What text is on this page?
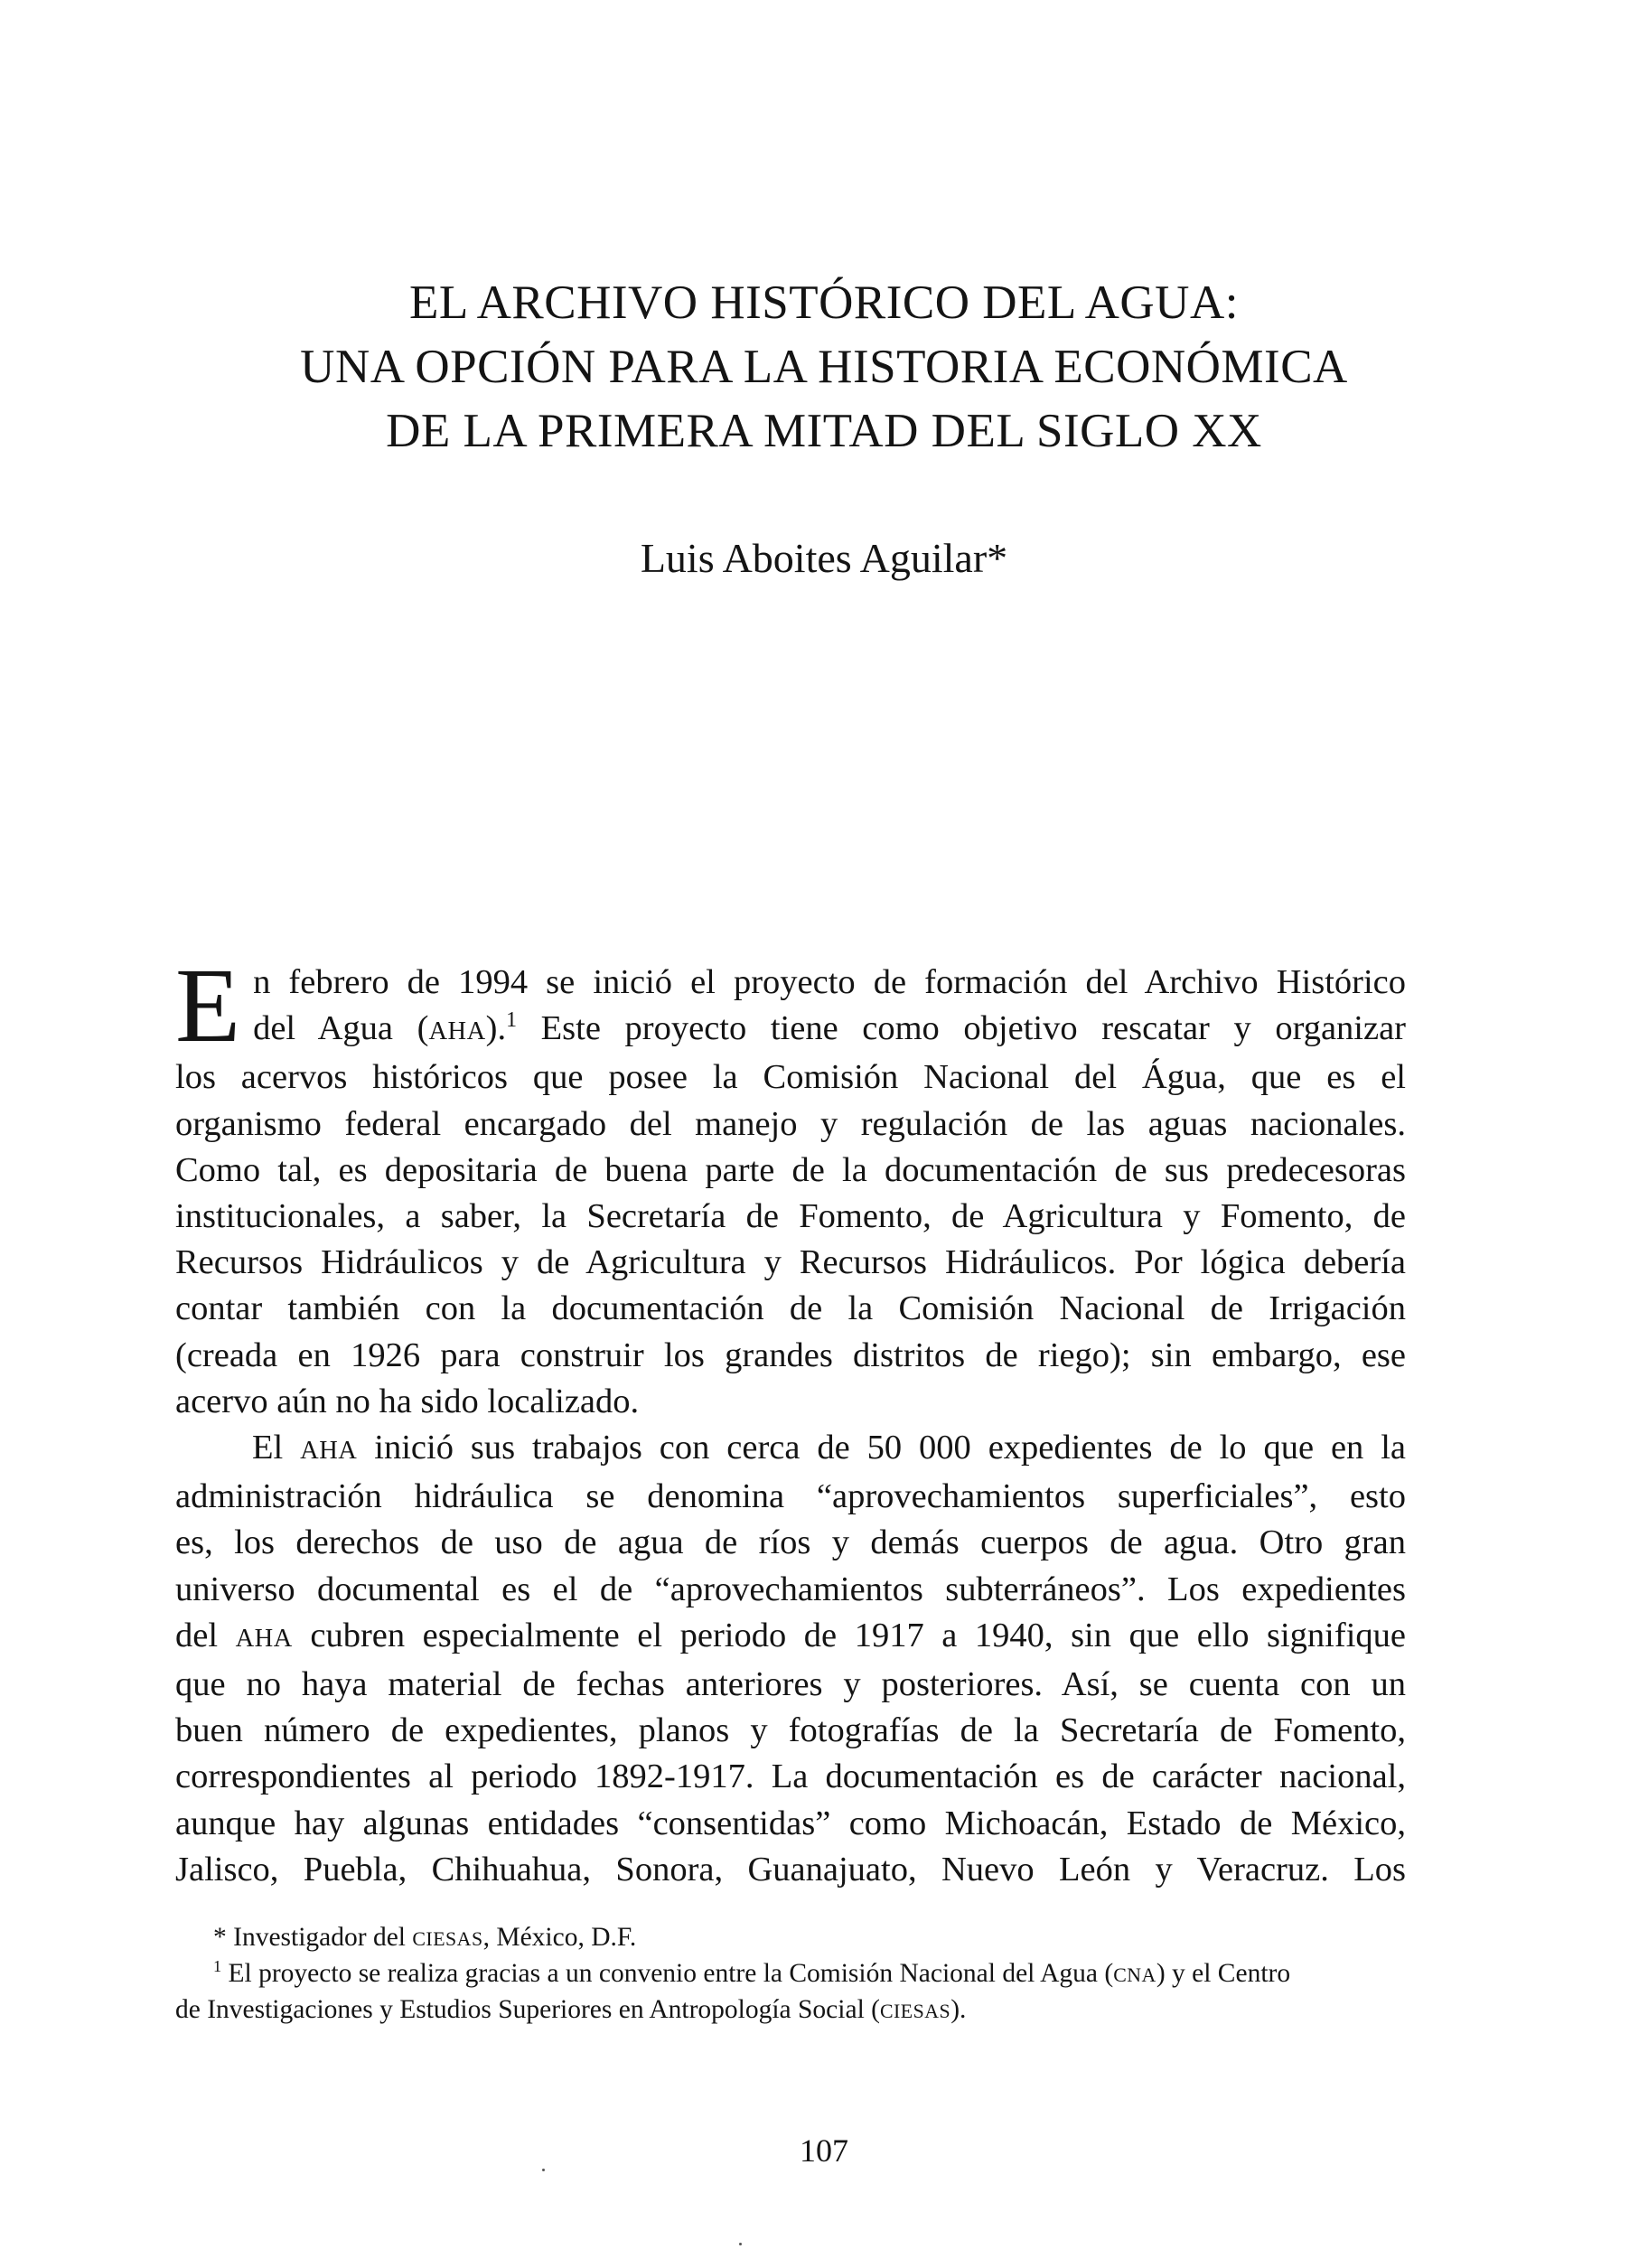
EL ARCHIVO HISTÓRICO DEL AGUA:
UNA OPCIÓN PARA LA HISTORIA ECONÓMICA
DE LA PRIMERA MITAD DEL SIGLO XX
Luis Aboites Aguilar*

E n febrero de 1994 se inició el proyecto de formación del Archivo Histórico
del Agua (AHA).$^1$ Este proyecto tiene como objetivo rescatar y organizar
los acervos históricos que posee la Comisión Nacional del Água, que es el
organismo federal encargado del manejo y regulación de las aguas nacionales.
Como tal, es depositaria de buena parte de la documentación de sus predecesoras
institucionales, a saber, la Secretaría de Fomento, de Agricultura y Fomento, de
Recursos Hidráulicos y de Agricultura y Recursos Hidráulicos. Por lógica debería
contar también con la documentación de la Comisión Nacional de Irrigación
(creada en 1926 para construir los grandes distritos de riego); sin embargo, ese
acervo aún no ha sido localizado.

El AHA inició sus trabajos con cerca de 50 000 expedientes de lo que en la
administración hidráulica se denomina “aprovechamientos superficiales”, esto
es, los derechos de uso de agua de ríos y demás cuerpos de agua. Otro gran
universo documental es el de “aprovechamientos subterráneos”. Los expedientes
del AHA cubren especialmente el periodo de 1917 a 1940, sin que ello signifique
que no haya material de fechas anteriores y posteriores. Así, se cuenta con un
buen número de expedientes, planos y fotografías de la Secretaría de Fomento,
correspondientes al periodo 1892-1917. La documentación es de carácter nacional,
aunque hay algunas entidades “consentidas” como Michoacán, Estado de México,
Jalisco, Puebla, Chihuahua, Sonora, Guanajuato, Nuevo León y Veracruz. Los

* Investigador del CIESAS, México, D.F.

$^1$ El proyecto se realiza gracias a un convenio entre la Comisión Nacional del Agua (CNA) y el Centro
de Investigaciones y Estudios Superiores en Antropología Social (CIESAS).

107
